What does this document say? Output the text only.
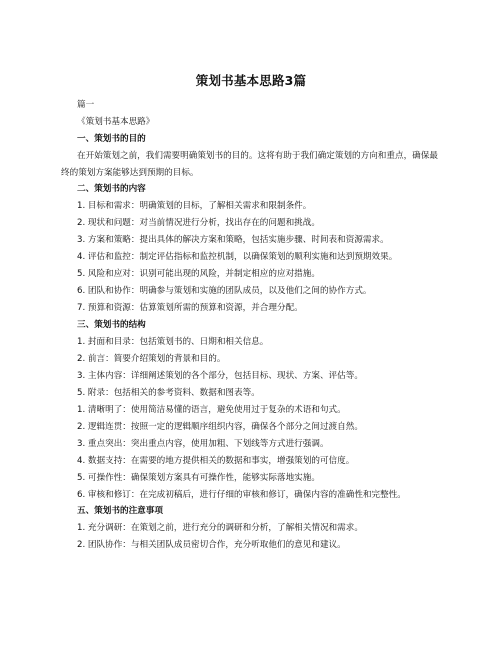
策划书基本思路3篇
篇一
《策划书基本思路》
一、策划书的目的
在开始策划之前，我们需要明确策划书的目的。这将有助于我们确定策划的方向和重点，确保最终的策划方案能够达到预期的目标。
二、策划书的内容
1. 目标和需求：明确策划的目标，了解相关需求和限制条件。
2. 现状和问题：对当前情况进行分析，找出存在的问题和挑战。
3. 方案和策略：提出具体的解决方案和策略，包括实施步骤、时间表和资源需求。
4. 评估和监控：制定评估指标和监控机制，以确保策划的顺利实施和达到预期效果。
5. 风险和应对：识别可能出现的风险，并制定相应的应对措施。
6. 团队和协作：明确参与策划和实施的团队成员，以及他们之间的协作方式。
7. 预算和资源：估算策划所需的预算和资源，并合理分配。
三、策划书的结构
1. 封面和目录：包括策划书的、日期和相关信息。
2. 前言：简要介绍策划的背景和目的。
3. 主体内容：详细阐述策划的各个部分，包括目标、现状、方案、评估等。
5. 附录：包括相关的参考资料、数据和图表等。
1. 清晰明了：使用简洁易懂的语言，避免使用过于复杂的术语和句式。
2. 逻辑连贯：按照一定的逻辑顺序组织内容，确保各个部分之间过渡自然。
3. 重点突出：突出重点内容，使用加粗、下划线等方式进行强调。
4. 数据支持：在需要的地方提供相关的数据和事实，增强策划的可信度。
5. 可操作性：确保策划方案具有可操作性，能够实际落地实施。
6. 审核和修订：在完成初稿后，进行仔细的审核和修订，确保内容的准确性和完整性。
五、策划书的注意事项
1. 充分调研：在策划之前，进行充分的调研和分析，了解相关情况和需求。
2. 团队协作：与相关团队成员密切合作，充分听取他们的意见和建议。
